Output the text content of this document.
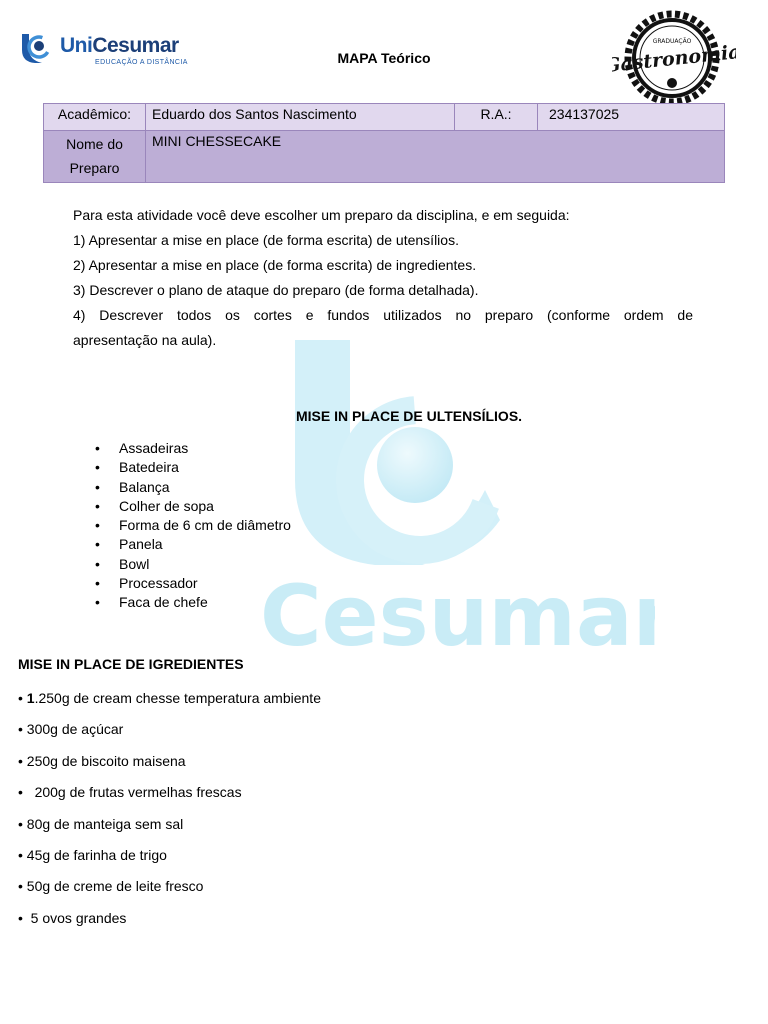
Cesumar
UniCesumar
EDUCAÇÃO A DISTÂNCIA	MAPA Teórico
GRADUAÇÃO
Gastronomia
Acadêmico:	Eduardo dos Santos Nascimento	R.A.:	234137025

Nome do
Preparo	MINI CHESSECAKE		

Para esta atividade você deve escolher um preparo da disciplina, e em seguida:

1) Apresentar a mise en place (de forma escrita) de utensílios.

2) Apresentar a mise en place (de forma escrita) de ingredientes.

3) Descrever o plano de ataque do preparo (de forma detalhada).

4) Descrever todos os cortes e fundos utilizados no preparo (conforme ordem de

apresentação na aula).

MISE IN PLACE DE ULTENSÍLIOS.
• Assadeiras
• Batedeira
• Balança
• Colher de sopa
• Forma de 6 cm de diâmetro
• Panela
• Bowl
• Processador
• Faca de chefe
MISE IN PLACE DE IGREDIENTES
• 1.250g de cream chesse temperatura ambiente
• 300g de açúcar
• 250g de biscoito maisena
•   200g de frutas vermelhas frescas
• 80g de manteiga sem sal
• 45g de farinha de trigo
• 50g de creme de leite fresco
•  5 ovos grandes
